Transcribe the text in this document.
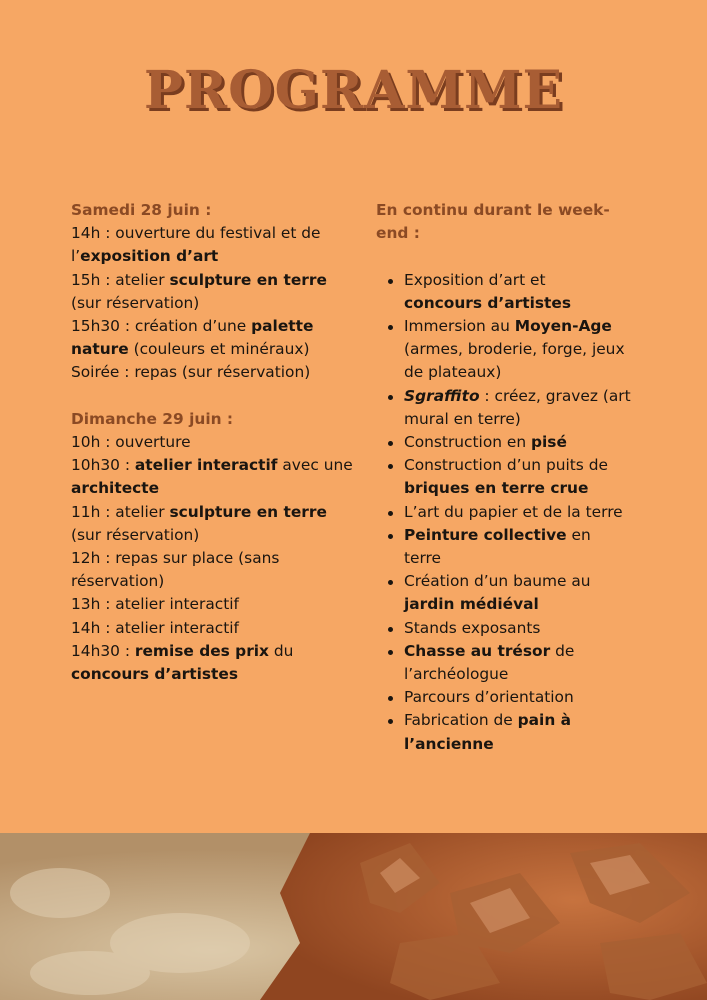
PROGRAMME
Samedi 28 juin :
14h : ouverture du festival et de
l’exposition d’art
15h : atelier sculpture en terre
(sur réservation)
15h30 : création d’une palette
nature (couleurs et minéraux)
Soirée : repas (sur réservation)
Dimanche 29 juin :
10h : ouverture
10h30 : atelier interactif avec une
architecte
11h : atelier sculpture en terre
(sur réservation)
12h : repas sur place (sans
réservation)
13h : atelier interactif
14h : atelier interactif
14h30 : remise des prix du
concours d’artistes
En continu durant le week-
end :
Exposition d’art et
concours d’artistes
Immersion au Moyen-Age
(armes, broderie, forge, jeux
de plateaux)
Sgraffito : créez, gravez (art
mural en terre)
Construction en pisé
Construction d’un puits de
briques en terre crue
L’art du papier et de la terre
Peinture collective en
terre
Création d’un baume au
jardin médiéval
Stands exposants
Chasse au trésor de
l’archéologue
Parcours d’orientation
Fabrication de pain à
l’ancienne
